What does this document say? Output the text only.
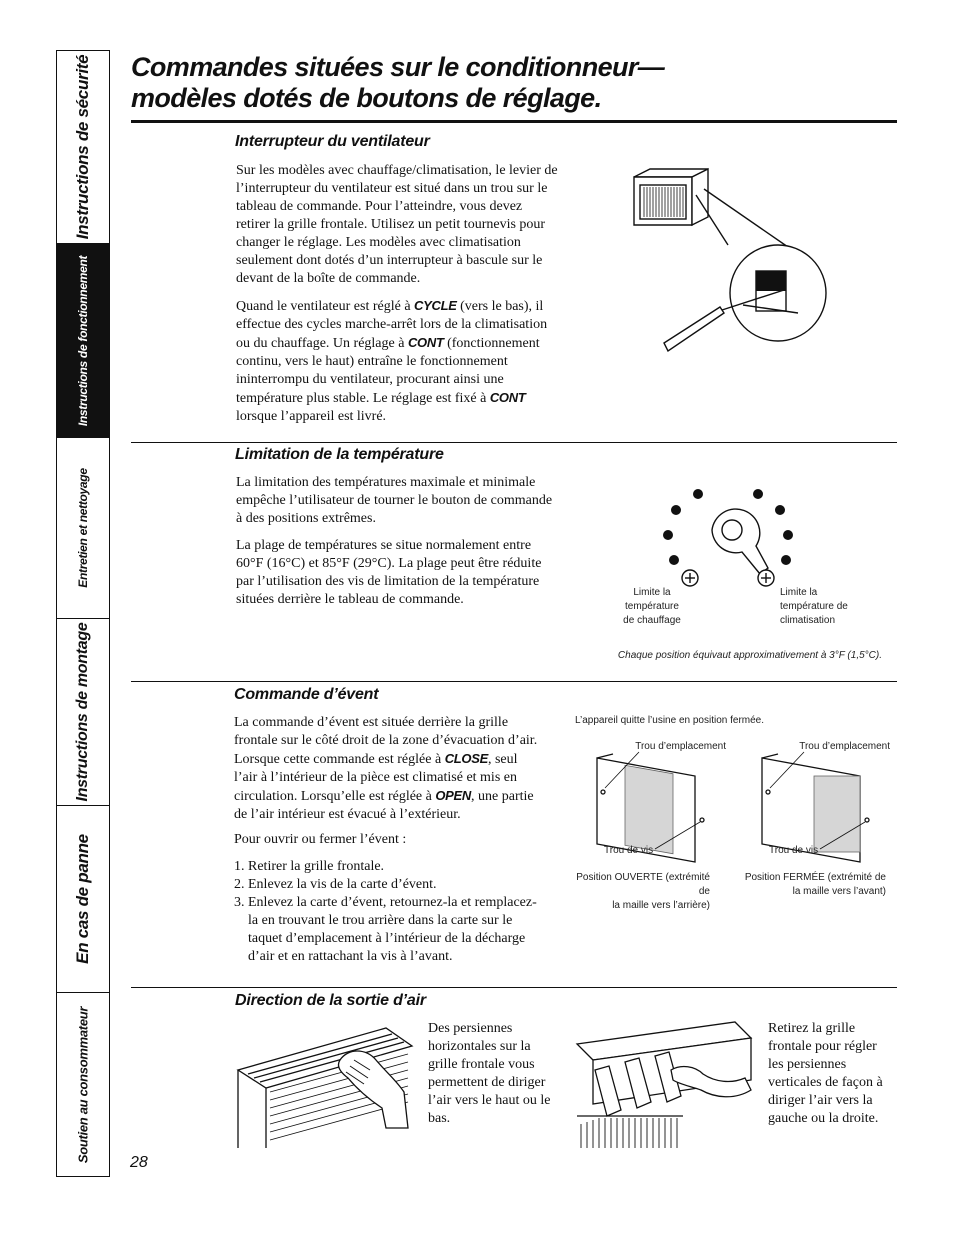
Instructions de sécurité
Instructions de fonctionnement
Entretien et nettoyage
Instructions de montage
En cas de panne
Soutien au consommateur
Commandes situées sur le conditionneur—
modèles dotés de boutons de réglage.
Interrupteur du ventilateur

Sur les modèles avec chauffage/climatisation, le levier de l’interrupteur du ventilateur est situé dans un trou sur le tableau de commande. Pour l’atteindre, vous devez retirer la grille frontale. Utilisez un petit tournevis pour changer le réglage. Les modèles avec climatisation seulement dont dotés d’un interrupteur à bascule sur le devant de la boîte de commande.

Quand le ventilateur est réglé à CYCLE (vers le bas), il effectue des cycles marche-arrêt lors de la climatisation ou du chauffage. Un réglage à CONT (fonctionnement continu, vers le haut) entraîne le fonctionnement ininterrompu du ventilateur, procurant ainsi une température plus stable. Le réglage est fixé à CONT lorsque l’appareil est livré.

Limitation de la température

La limitation des températures maximale et minimale empêche l’utilisateur de tourner le bouton de commande à des positions extrêmes.

La plage de températures se situe normalement entre 60°F (16°C) et 85°F (29°C). La plage peut être réduite par l’utilisation des vis de limitation de la température situées derrière le tableau de commande.	Limite la
température
de chauffage
Limite la
température de
climatisation
Chaque position équivaut approximativement à 3°F (1,5°C).
Commande d’évent

La commande d’évent est située derrière la grille frontale sur le côté droit de la zone d’évacuation d’air. Lorsque cette commande est réglée à CLOSE, seul l’air à l’intérieur de la pièce est climatisé et mis en circulation. Lorsqu’elle est réglée à OPEN, une partie de l’air intérieur est évacué à l’extérieur.

Pour ouvrir ou fermer l’évent :

1. Retirer la grille frontale.
2. Enlevez la vis de la carte d’évent.
3. Enlevez la carte d’évent, retournez-la et remplacez-la en trouvant le trou arrière dans la carte sur le taquet d’emplacement à l’intérieur de la décharge d’air et en rattachant la vis à l’avant.
L’appareil quitte l’usine en position fermée.
Trou d’emplacement
Trou de vis
Position OUVERTE (extrémité de
la maille vers l’arrière)
Trou d’emplacement
Trou de vis
Position FERMÉE (extrémité de
la maille vers l’avant)
Direction de la sortie d’air

Des persiennes horizontales sur la grille frontale vous permettent de diriger l’air vers le haut ou le bas.

Retirez la grille frontale pour régler les persiennes verticales de façon à diriger l’air vers la gauche ou la droite.

28
